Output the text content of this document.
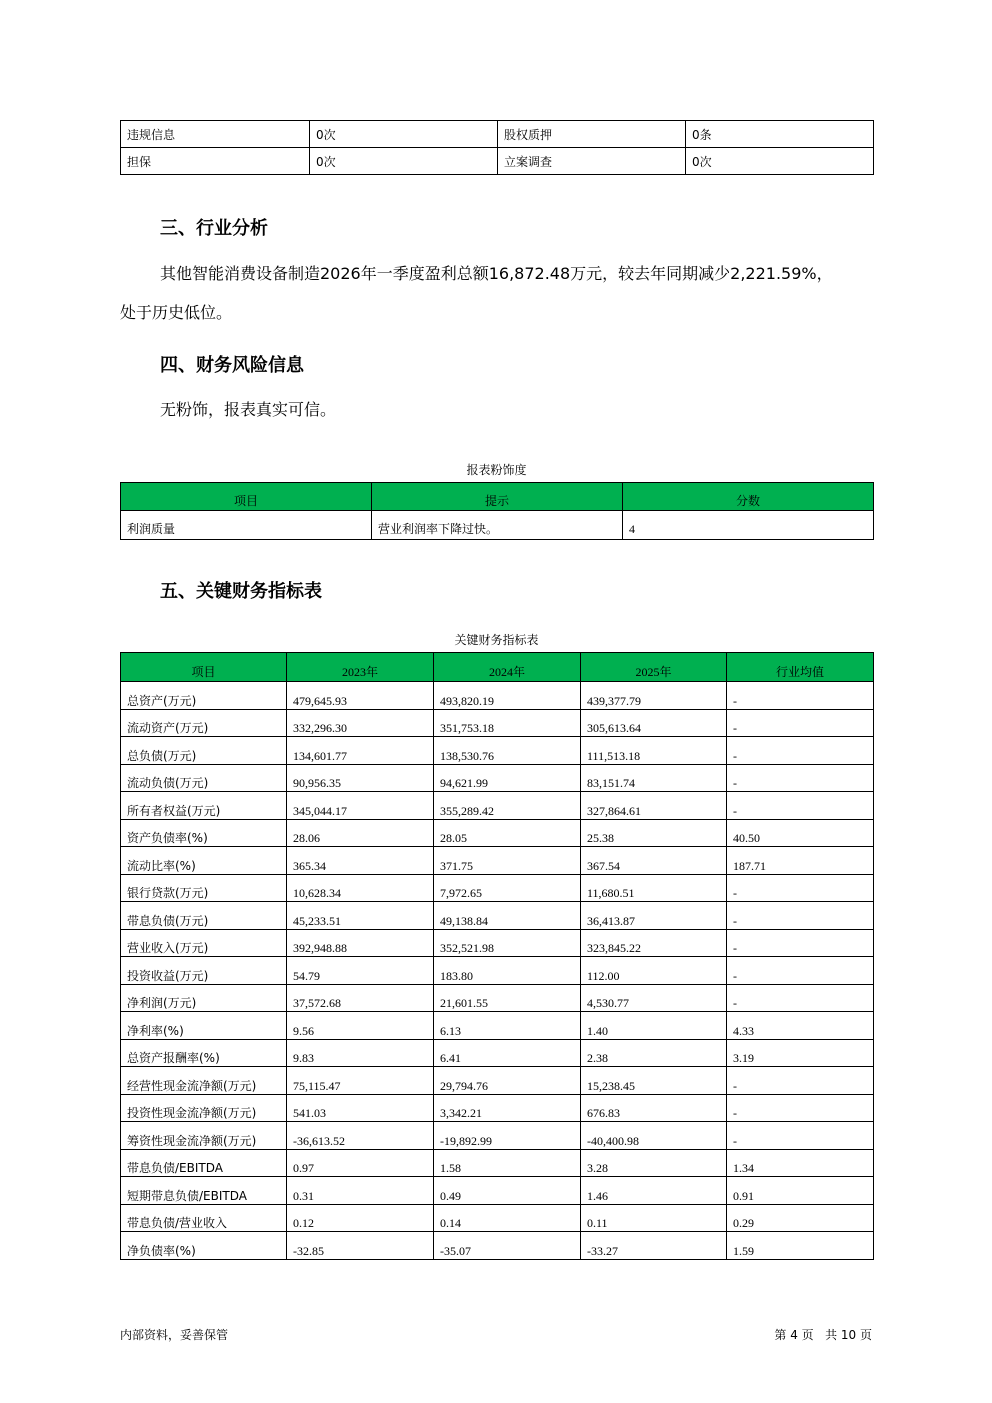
违规信息	0次	股权质押	0条
担保	0次	立案调查	0次
三、行业分析
其他智能消费设备制造2026年一季度盈利总额16,872.48万元，较去年同期减少2,221.59%，
处于历史低位。
四、财务风险信息
无粉饰，报表真实可信。
报表粉饰度
项目	提示	分数
利润质量	营业利润率下降过快。	4
五、关键财务指标表
关键财务指标表
项目	2023年	2024年	2025年	行业均值
总资产(万元)	479,645.93	493,820.19	439,377.79	-
流动资产(万元)	332,296.30	351,753.18	305,613.64	-
总负债(万元)	134,601.77	138,530.76	111,513.18	-
流动负债(万元)	90,956.35	94,621.99	83,151.74	-
所有者权益(万元)	345,044.17	355,289.42	327,864.61	-
资产负债率(%)	28.06	28.05	25.38	40.50
流动比率(%)	365.34	371.75	367.54	187.71
银行贷款(万元)	10,628.34	7,972.65	11,680.51	-
带息负债(万元)	45,233.51	49,138.84	36,413.87	-
营业收入(万元)	392,948.88	352,521.98	323,845.22	-
投资收益(万元)	54.79	183.80	112.00	-
净利润(万元)	37,572.68	21,601.55	4,530.77	-
净利率(%)	9.56	6.13	1.40	4.33
总资产报酬率(%)	9.83	6.41	2.38	3.19
经营性现金流净额(万元)	75,115.47	29,794.76	15,238.45	-
投资性现金流净额(万元)	541.03	3,342.21	676.83	-
筹资性现金流净额(万元)	-36,613.52	-19,892.99	-40,400.98	-
带息负债/EBITDA	0.97	1.58	3.28	1.34
短期带息负债/EBITDA	0.31	0.49	1.46	0.91
带息负债/营业收入	0.12	0.14	0.11	0.29
净负债率(%)	-32.85	-35.07	-33.27	1.59
内部资料，妥善保管	第 4 页   共 10 页
